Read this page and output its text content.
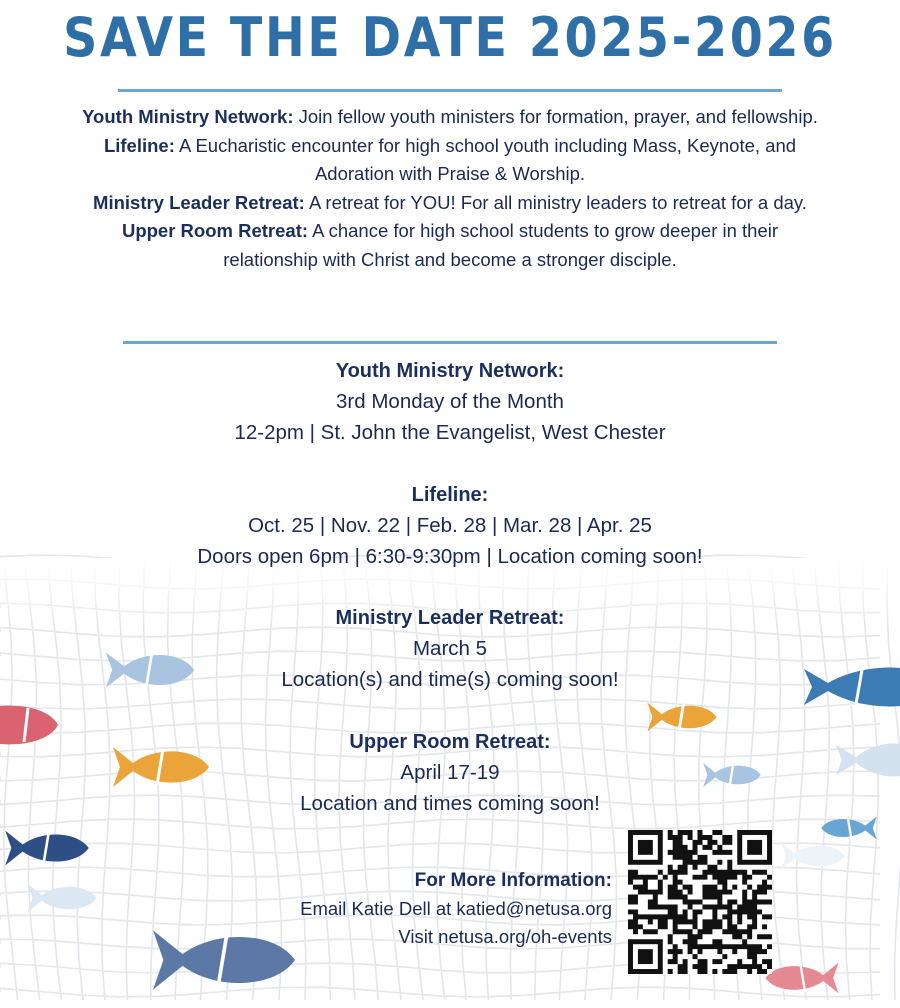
SAVE THE DATE 2025-2026

Youth Ministry Network: Join fellow youth ministers for formation, prayer, and fellowship.

Lifeline: A Eucharistic encounter for high school youth including Mass, Keynote, and Adoration with Praise & Worship.

Ministry Leader Retreat: A retreat for YOU! For all ministry leaders to retreat for a day.

Upper Room Retreat: A chance for high school students to grow deeper in their relationship with Christ and become a stronger disciple.

Youth Ministry Network:
3rd Monday of the Month
12-2pm | St. John the Evangelist, West Chester
Lifeline:
Oct. 25 | Nov. 22 | Feb. 28 | Mar. 28 | Apr. 25
Doors open 6pm | 6:30-9:30pm | Location coming soon!
Ministry Leader Retreat:
March 5
Location(s) and time(s) coming soon!
Upper Room Retreat:
April 17-19
Location and times coming soon!
For More Information:
Email Katie Dell at katied@netusa.org
Visit netusa.org/oh-events
